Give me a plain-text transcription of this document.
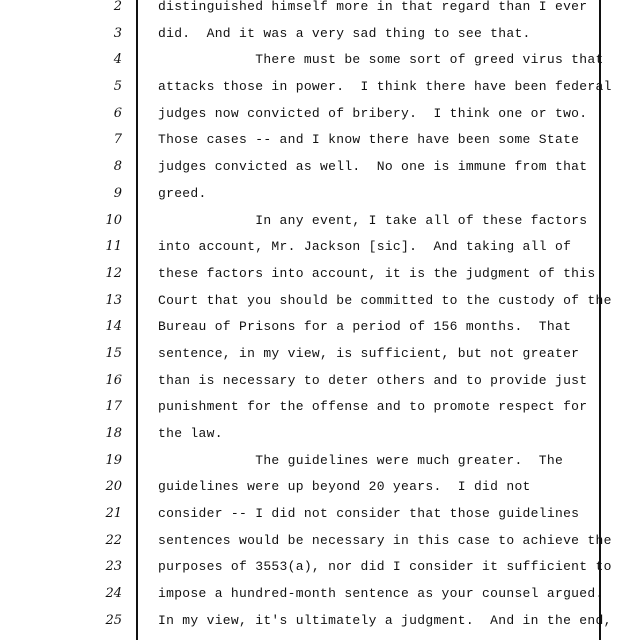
2	distinguished himself more in that regard than I ever
3	did.  And it was a very sad thing to see that.
4	There must be some sort of greed virus that
5	attacks those in power.  I think there have been federal
6	judges now convicted of bribery.  I think one or two.
7	Those cases -- and I know there have been some State
8	judges convicted as well.  No one is immune from that
9	greed.
10	In any event, I take all of these factors
11	into account, Mr. Jackson [sic].  And taking all of
12	these factors into account, it is the judgment of this
13	Court that you should be committed to the custody of the
14	Bureau of Prisons for a period of 156 months.  That
15	sentence, in my view, is sufficient, but not greater
16	than is necessary to deter others and to provide just
17	punishment for the offense and to promote respect for
18	the law.
19	The guidelines were much greater.  The
20	guidelines were up beyond 20 years.  I did not
21	consider -- I did not consider that those guidelines
22	sentences would be necessary in this case to achieve the
23	purposes of 3553(a), nor did I consider it sufficient to
24	impose a hundred-month sentence as your counsel argued.
25	In my view, it's ultimately a judgment.  And in the end,
